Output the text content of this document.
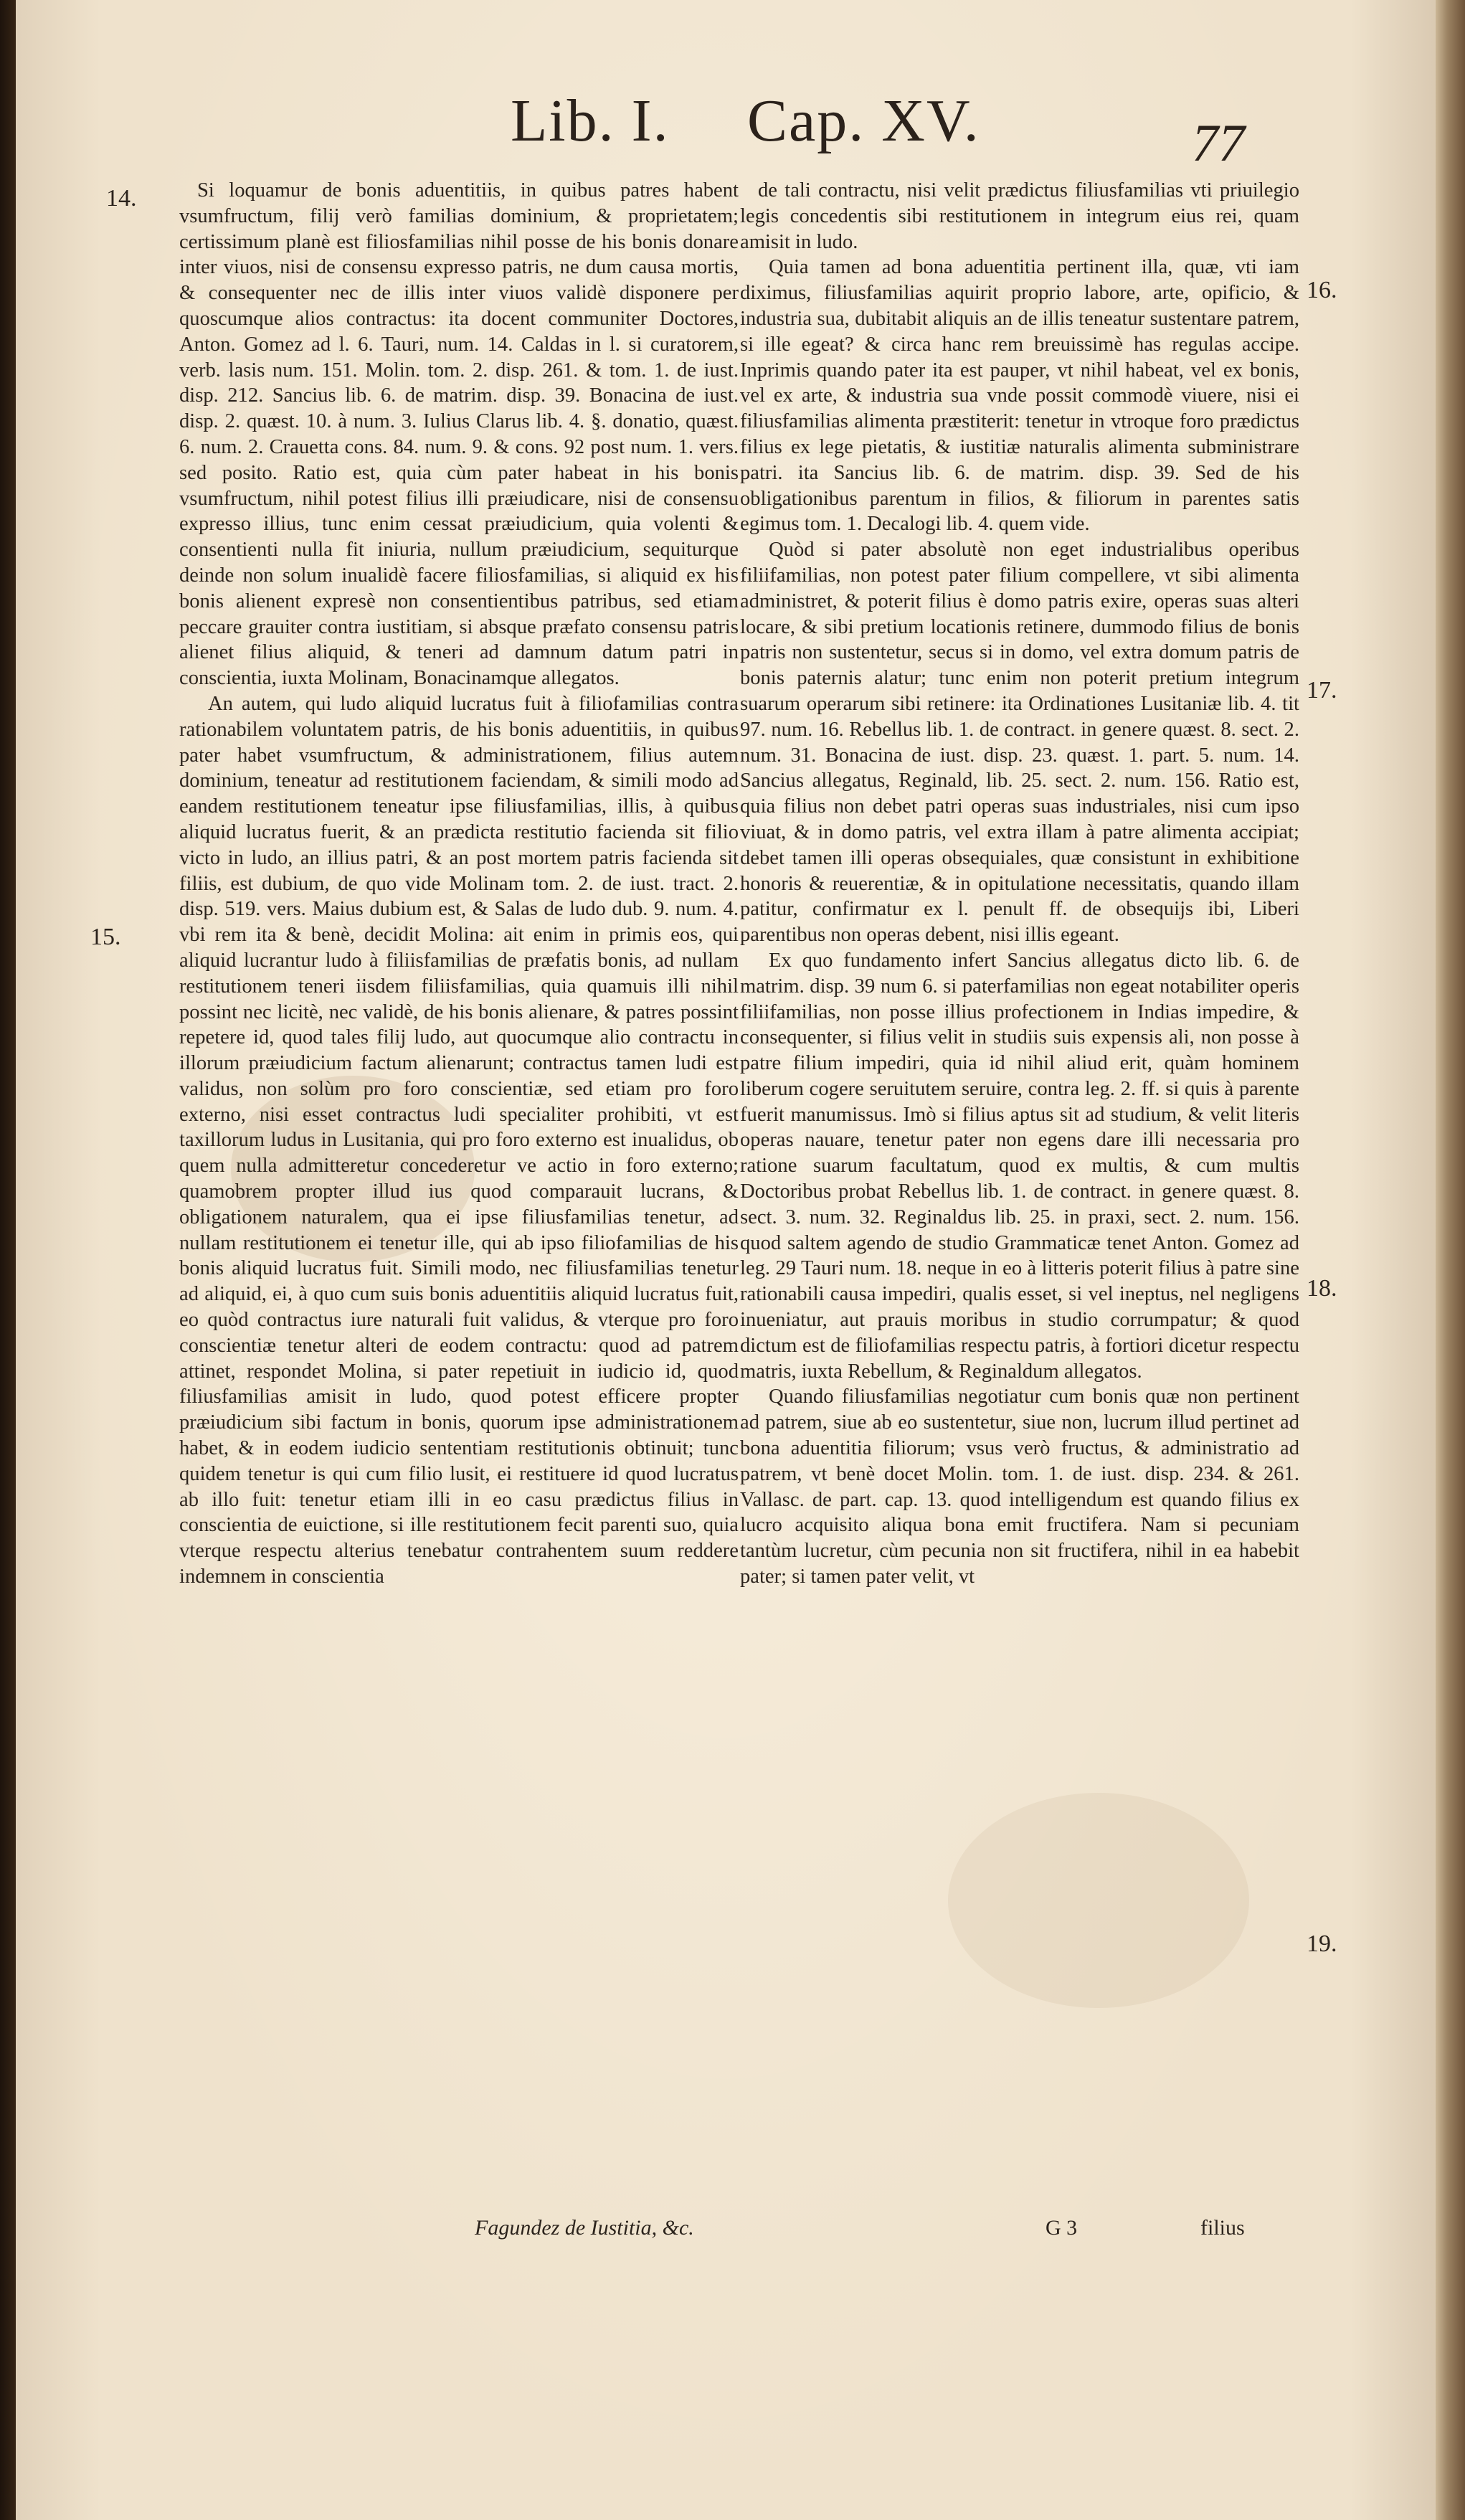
Lib. I. Cap. XV.	77
14.
15.
16.
17.
18.
19.

Si loquamur de bonis aduentitiis, in quibus patres habent vsumfructum, filij verò familias dominium, & proprietatem; certissimum planè est filiosfamilias nihil posse de his bonis donare inter viuos, nisi de consensu expresso patris, ne dum causa mortis, & consequenter nec de illis inter viuos validè disponere per quoscumque alios contractus: ita docent communiter Doctores, Anton. Gomez ad l. 6. Tauri, num. 14. Caldas in l. si curatorem, verb. lasis num. 151. Molin. tom. 2. disp. 261. & tom. 1. de iust. disp. 212. Sancius lib. 6. de matrim. disp. 39. Bonacina de iust. disp. 2. quæst. 10. à num. 3. Iulius Clarus lib. 4. §. donatio, quæst. 6. num. 2. Crauetta cons. 84. num. 9. & cons. 92 post num. 1. vers. sed posito. Ratio est, quia cùm pater habeat in his bonis vsumfructum, nihil potest filius illi præiudicare, nisi de consensu expresso illius, tunc enim cessat præiudicium, quia volenti & consentienti nulla fit iniuria, nullum præiudicium, sequiturque deinde non solum inualidè facere filiosfamilias, si aliquid ex his bonis alienent expresè non consentientibus patribus, sed etiam peccare grauiter contra iustitiam, si absque præfato consensu patris alienet filius aliquid, & teneri ad damnum datum patri in conscientia, iuxta Molinam, Bonacinamque allegatos.

An autem, qui ludo aliquid lucratus fuit à filiofamilias contra rationabilem voluntatem patris, de his bonis aduentitiis, in quibus pater habet vsumfructum, & administrationem, filius autem dominium, teneatur ad restitutionem faciendam, & simili modo ad eandem restitutionem teneatur ipse filiusfamilias, illis, à quibus aliquid lucratus fuerit, & an prædicta restitutio facienda sit filio victo in ludo, an illius patri, & an post mortem patris facienda sit filiis, est dubium, de quo vide Molinam tom. 2. de iust. tract. 2. disp. 519. vers. Maius dubium est, & Salas de ludo dub. 9. num. 4. vbi rem ita & benè, decidit Molina: ait enim in primis eos, qui aliquid lucrantur ludo à filiisfamilias de præfatis bonis, ad nullam restitutionem teneri iisdem filiisfamilias, quia quamuis illi nihil possint nec licitè, nec validè, de his bonis alienare, & patres possint repetere id, quod tales filij ludo, aut quocumque alio contractu in illorum præiudicium factum alienarunt; contractus tamen ludi est validus, non solùm pro foro conscientiæ, sed etiam pro foro externo, nisi esset contractus ludi specialiter prohibiti, vt est taxillorum ludus in Lusitania, qui pro foro externo est inualidus, ob quem nulla admitteretur concederetur ve actio in foro externo; quamobrem propter illud ius quod comparauit lucrans, & obligationem naturalem, qua ei ipse filiusfamilias tenetur, ad nullam restitutionem ei tenetur ille, qui ab ipso filiofamilias de his bonis aliquid lucratus fuit. Simili modo, nec filiusfamilias tenetur ad aliquid, ei, à quo cum suis bonis aduentitiis aliquid lucratus fuit, eo quòd contractus iure naturali fuit validus, & vterque pro foro conscientiæ tenetur alteri de eodem contractu: quod ad patrem attinet, respondet Molina, si pater repetiuit in iudicio id, quod filiusfamilias amisit in ludo, quod potest efficere propter præiudicium sibi factum in bonis, quorum ipse administrationem habet, & in eodem iudicio sententiam restitutionis obtinuit; tunc quidem tenetur is qui cum filio lusit, ei restituere id quod lucratus ab illo fuit: tenetur etiam illi in eo casu prædictus filius in conscientia de euictione, si ille restitutionem fecit parenti suo, quia vterque respectu alterius tenebatur contrahentem suum reddere indemnem in conscientia

de tali contractu, nisi velit prædictus filiusfamilias vti priuilegio legis concedentis sibi restitutionem in integrum eius rei, quam amisit in ludo.

Quia tamen ad bona aduentitia pertinent illa, quæ, vti iam diximus, filiusfamilias aquirit proprio labore, arte, opificio, & industria sua, dubitabit aliquis an de illis teneatur sustentare patrem, si ille egeat? & circa hanc rem breuissimè has regulas accipe. Inprimis quando pater ita est pauper, vt nihil habeat, vel ex bonis, vel ex arte, & industria sua vnde possit commodè viuere, nisi ei filiusfamilias alimenta præstiterit: tenetur in vtroque foro prædictus filius ex lege pietatis, & iustitiæ naturalis alimenta subministrare patri. ita Sancius lib. 6. de matrim. disp. 39. Sed de his obligationibus parentum in filios, & filiorum in parentes satis egimus tom. 1. Decalogi lib. 4. quem vide.

Quòd si pater absolutè non eget industrialibus operibus filiifamilias, non potest pater filium compellere, vt sibi alimenta administret, & poterit filius è domo patris exire, operas suas alteri locare, & sibi pretium locationis retinere, dummodo filius de bonis patris non sustentetur, secus si in domo, vel extra domum patris de bonis paternis alatur; tunc enim non poterit pretium integrum suarum operarum sibi retinere: ita Ordinationes Lusitaniæ lib. 4. tit 97. num. 16. Rebellus lib. 1. de contract. in genere quæst. 8. sect. 2. num. 31. Bonacina de iust. disp. 23. quæst. 1. part. 5. num. 14. Sancius allegatus, Reginald, lib. 25. sect. 2. num. 156. Ratio est, quia filius non debet patri operas suas industriales, nisi cum ipso viuat, & in domo patris, vel extra illam à patre alimenta accipiat; debet tamen illi operas obsequiales, quæ consistunt in exhibitione honoris & reuerentiæ, & in opitulatione necessitatis, quando illam patitur, confirmatur ex l. penult ff. de obsequijs ibi, Liberi parentibus non operas debent, nisi illis egeant.

Ex quo fundamento infert Sancius allegatus dicto lib. 6. de matrim. disp. 39 num 6. si paterfamilias non egeat notabiliter operis filiifamilias, non posse illius profectionem in Indias impedire, & consequenter, si filius velit in studiis suis expensis ali, non posse à patre filium impediri, quia id nihil aliud erit, quàm hominem liberum cogere seruitutem seruire, contra leg. 2. ff. si quis à parente fuerit manumissus. Imò si filius aptus sit ad studium, & velit literis operas nauare, tenetur pater non egens dare illi necessaria pro ratione suarum facultatum, quod ex multis, & cum multis Doctoribus probat Rebellus lib. 1. de contract. in genere quæst. 8. sect. 3. num. 32. Reginaldus lib. 25. in praxi, sect. 2. num. 156. quod saltem agendo de studio Grammaticæ tenet Anton. Gomez ad leg. 29 Tauri num. 18. neque in eo à litteris poterit filius à patre sine rationabili causa impediri, qualis esset, si vel ineptus, nel negligens inueniatur, aut prauis moribus in studio corrumpatur; & quod dictum est de filiofamilias respectu patris, à fortiori dicetur respectu matris, iuxta Rebellum, & Reginaldum allegatos.

Quando filiusfamilias negotiatur cum bonis quæ non pertinent ad patrem, siue ab eo sustentetur, siue non, lucrum illud pertinet ad bona aduentitia filiorum; vsus verò fructus, & administratio ad patrem, vt benè docet Molin. tom. 1. de iust. disp. 234. & 261. Vallasc. de part. cap. 13. quod intelligendum est quando filius ex lucro acquisito aliqua bona emit fructifera. Nam si pecuniam tantùm lucretur, cùm pecunia non sit fructifera, nihil in ea habebit pater; si tamen pater velit, vt

Fagundez de Iustitia, &c.	G 3	filius
